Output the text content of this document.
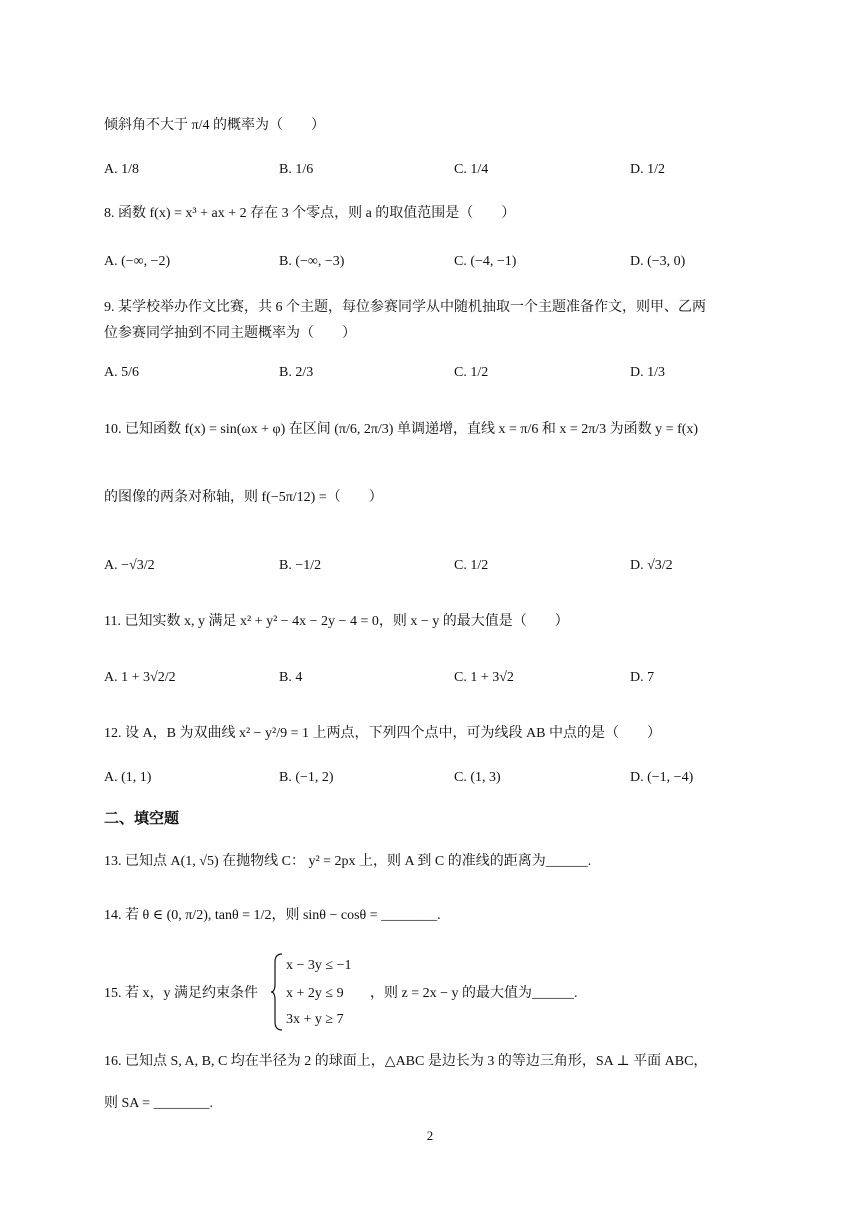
倾斜角不大于 π/4 的概率为（　　）
A. 1/8	B. 1/6	C. 1/4	D. 1/2
8. 函数 f(x) = x³ + ax + 2 存在 3 个零点，则 a 的取值范围是（　　）
A. (−∞, −2)	B. (−∞, −3)	C. (−4, −1)	D. (−3, 0)
9. 某学校举办作文比赛，共 6 个主题，每位参赛同学从中随机抽取一个主题准备作文，则甲、乙两
位参赛同学抽到不同主题概率为（　　）
A. 5/6	B. 2/3	C. 1/2	D. 1/3
10. 已知函数 f(x) = sin(ωx + φ) 在区间 (π/6, 2π/3) 单调递增，直线 x = π/6 和 x = 2π/3 为函数 y = f(x)
的图像的两条对称轴，则 f(−5π/12) =（　　）
A. −√3/2	B. −1/2	C. 1/2	D. √3/2
11. 已知实数 x, y 满足 x² + y² − 4x − 2y − 4 = 0，则 x − y 的最大值是（　　）
A. 1 + 3√2/2	B. 4	C. 1 + 3√2	D. 7
12. 设 A，B 为双曲线 x² − y²/9 = 1 上两点，下列四个点中，可为线段 AB 中点的是（　　）
A. (1, 1)	B. (−1, 2)	C. (1, 3)	D. (−1, −4)
二、填空题
13. 已知点 A(1, √5) 在抛物线 C： y² = 2px 上，则 A 到 C 的准线的距离为______.
14. 若 θ ∈ (0, π/2), tanθ = 1/2，则 sinθ − cosθ = ________.
15. 若 x，y 满足约束条件
x − 3y ≤ −1
x + 2y ≤ 9 ，则 z = 2x − y 的最大值为______.
3x + y ≥ 7
16. 已知点 S, A, B, C 均在半径为 2 的球面上，△ABC 是边长为 3 的等边三角形，SA ⊥ 平面 ABC，
则 SA = ________.
2
